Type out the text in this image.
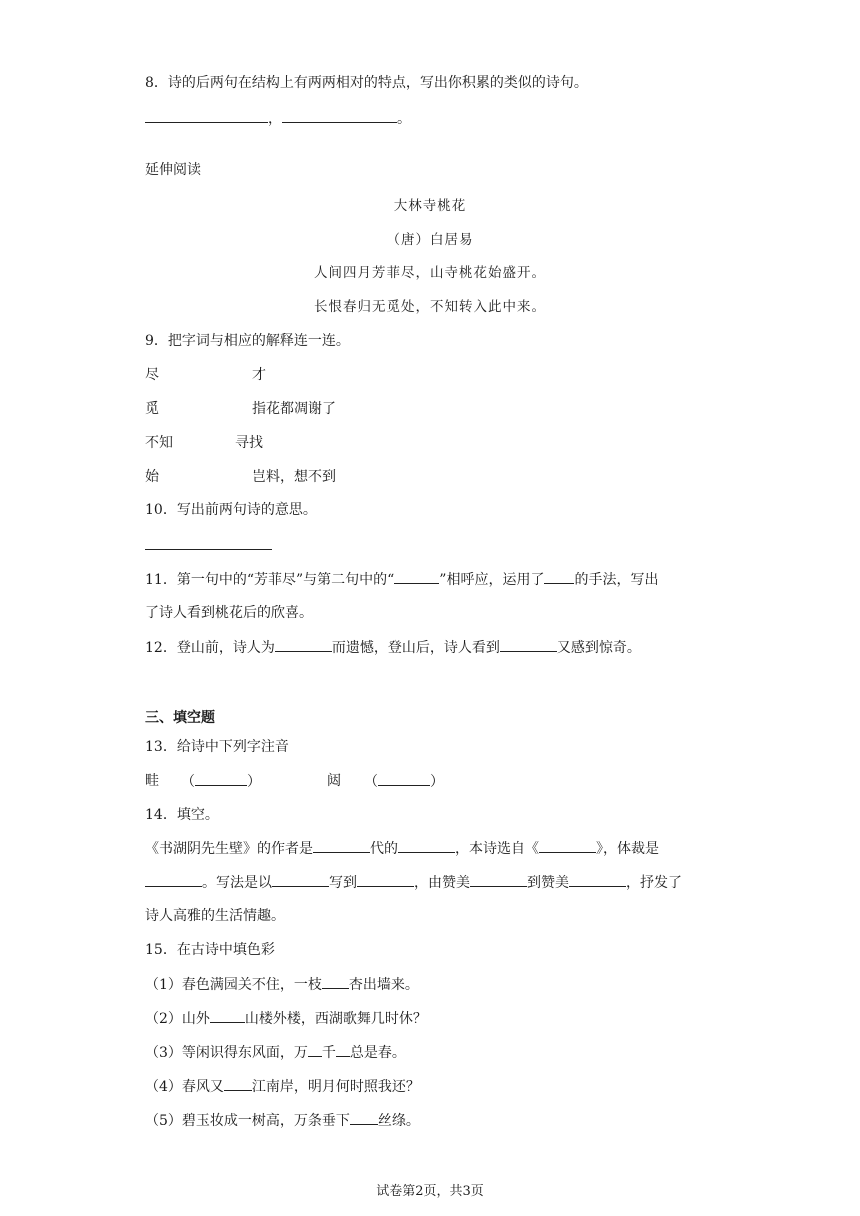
8．诗的后两句在结构上有两两相对的特点，写出你积累的类似的诗句。
，	。
延伸阅读
大林寺桃花
（唐）白居易
人间四月芳菲尽，山寺桃花始盛开。
长恨春归无觅处，不知转入此中来。
9．把字词与相应的解释连一连。
尽	才
觅	指花都凋谢了
不知	寻找
始	岂料，想不到
10．写出前两句诗的意思。
11．第一句中的“芳菲尽”与第二句中的“	”相呼应，运用了 的手法，写出
了诗人看到桃花后的欣喜。
12．登山前，诗人为	而遗憾，登山后，诗人看到	又感到惊奇。
三、填空题
13．给诗中下列字注音
畦 （	）	闼 （	）
14．填空。
《书湖阴先生壁》的作者是	代的	，本诗选自《	》，体裁是
。写法是以	写到	，由赞美	到赞美	，抒发了
诗人高雅的生活情趣。
15．在古诗中填色彩
（1）春色满园关不住，一枝 杏出墙来。
（2）山外	山楼外楼，西湖歌舞几时休？
（3）等闲识得东风面，万 千 总是春。
（4）春风又 江南岸，明月何时照我还？
（5）碧玉妆成一树高，万条垂下 丝绦。
试卷第2页，共3页
